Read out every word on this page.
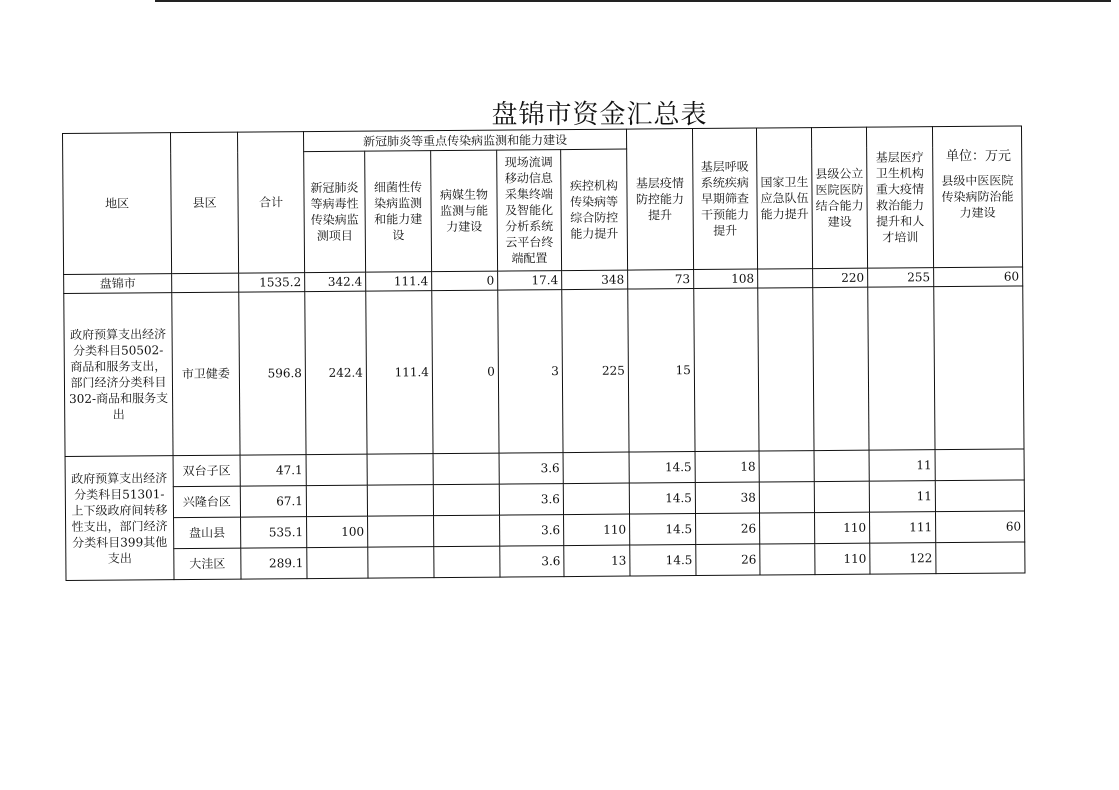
盘锦市资金汇总表
单位：万元
地区	县区	合计	新冠肺炎等重点传染病监测和能力建设					基层疫情防控能力提升	基层呼吸系统疾病早期筛查干预能力提升	国家卫生应急队伍能力提升	县级公立医院医防结合能力建设	基层医疗卫生机构重大疫情救治能力提升和人才培训	县级中医医院传染病防治能力建设
			新冠肺炎等病毒性传染病监测项目	细菌性传染病监测和能力建设	病媒生物监测与能力建设	现场流调移动信息采集终端及智能化分析系统云平台终端配置	疾控机构传染病等综合防控能力提升						
盘锦市		1535.2	342.4	111.4	0	17.4	348	73	108		220	255	60
政府预算支出经济分类科目50502-商品和服务支出，部门经济分类科目302-商品和服务支出	市卫健委	596.8	242.4	111.4	0	3	225	15					
政府预算支出经济分类科目51301-上下级政府间转移性支出，部门经济分类科目399其他支出	双台子区	47.1				3.6		14.5	18			11	
	兴隆台区	67.1				3.6		14.5	38			11	
	盘山县	535.1	100			3.6	110	14.5	26		110	111	60
	大洼区	289.1				3.6	13	14.5	26		110	122	
